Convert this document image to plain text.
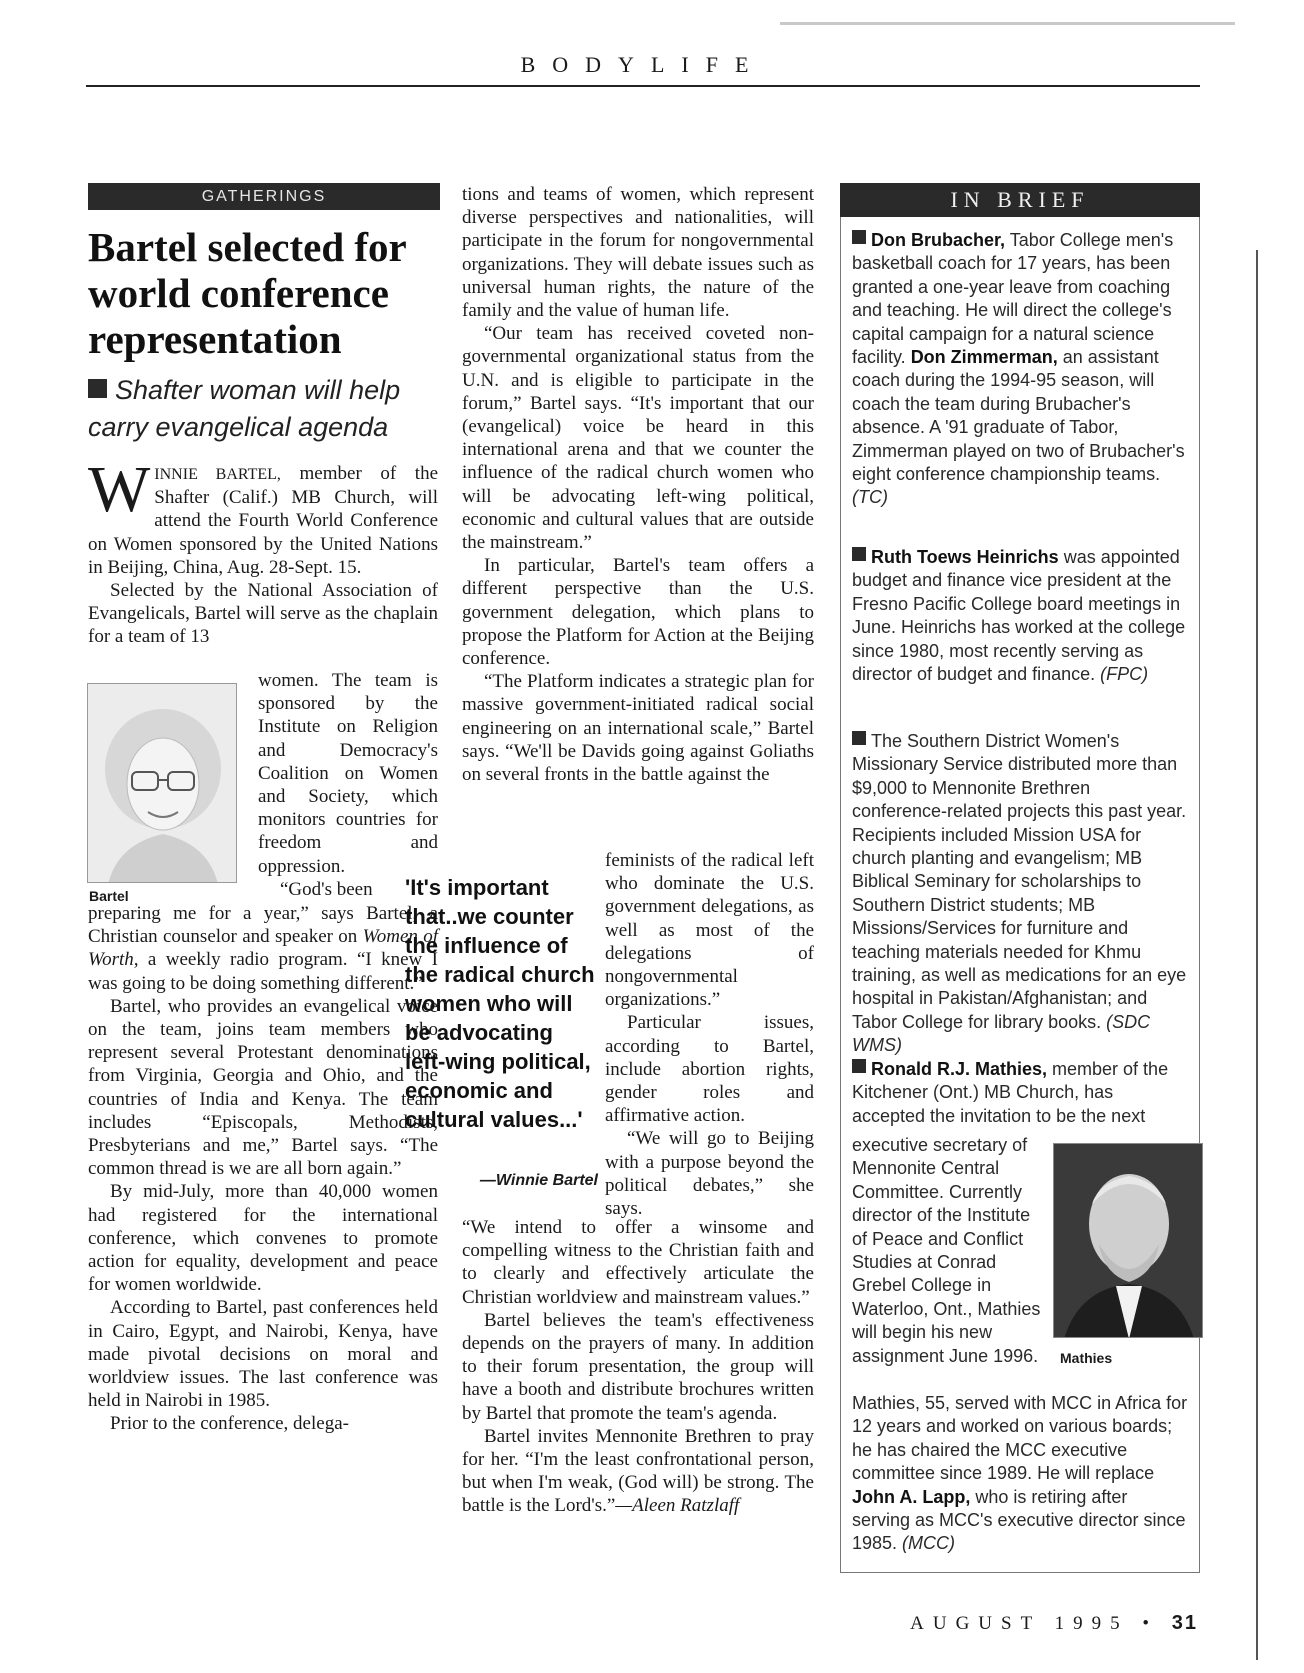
BODYLIFE
GATHERINGS
Bartel selected for world conference representation
Shafter woman will help carry evangelical agenda

WINNIE BARTEL, member of the Shafter (Calif.) MB Church, will attend the Fourth World Conference on Women sponsored by the United Nations in Beijing, China, Aug. 28-Sept. 15.

Selected by the National Association of Evangelicals, Bartel will serve as the chaplain for a team of 13

Bartel

women. The team is sponsored by the Institute on Religion and Democracy's Coalition on Women and Society, which monitors countries for freedom and oppression.

“God's been

preparing me for a year,” says Bartel, a Christian counselor and speaker on Women of Worth, a weekly radio program. “I knew I was going to be doing something different.”

Bartel, who provides an evangelical voice on the team, joins team members who represent several Protestant denominations from Virginia, Georgia and Ohio, and the countries of India and Kenya. The team includes “Episcopals, Methodists, Presbyterians and me,” Bartel says. “The common thread is we are all born again.”

By mid-July, more than 40,000 women had registered for the international conference, which convenes to promote action for equality, development and peace for women worldwide.

According to Bartel, past conferences held in Cairo, Egypt, and Nairobi, Kenya, have made pivotal decisions on moral and worldview issues. The last conference was held in Nairobi in 1985.

Prior to the conference, delega-

tions and teams of women, which represent diverse perspectives and nationalities, will participate in the forum for nongovernmental organizations. They will debate issues such as universal human rights, the nature of the family and the value of human life.

“Our team has received coveted non-governmental organizational status from the U.N. and is eligible to participate in the forum,” Bartel says. “It's important that our (evangelical) voice be heard in this international arena and that we counter the influence of the radical church women who will be advocating left-wing political, economic and cultural values that are outside the mainstream.”

In particular, Bartel's team offers a different perspective than the U.S. government delegation, which plans to propose the Platform for Action at the Beijing conference.

“The Platform indicates a strategic plan for massive government-initiated radical social engineering on an international scale,” Bartel says. “We'll be Davids going against Goliaths on several fronts in the battle against the

'It's important that..we counter the influence of the radical church women who will be advocating left-wing political, economic and cultural values...'
—Winnie Bartel

feminists of the radical left who dominate the U.S. government delegations, as well as most of the delegations of nongovernmental organizations.”

Particular issues, according to Bartel, include abortion rights, gender roles and affirmative action.

“We will go to Beijing with a purpose beyond the political debates,” she says.

“We intend to offer a winsome and compelling witness to the Christian faith and to clearly and effectively articulate the Christian worldview and mainstream values.”

Bartel believes the team's effectiveness depends on the prayers of many. In addition to their forum presentation, the group will have a booth and distribute brochures written by Bartel that promote the team's agenda.

Bartel invites Mennonite Brethren to pray for her. “I'm the least confrontational person, but when I'm weak, (God will) be strong. The battle is the Lord's.”—Aleen Ratzlaff

IN BRIEF
Don Brubacher, Tabor College men's basketball coach for 17 years, has been granted a one-year leave from coaching and teaching. He will direct the college's capital campaign for a natural science facility. Don Zimmerman, an assistant coach during the 1994-95 season, will coach the team during Brubacher's absence. A '91 graduate of Tabor, Zimmerman played on two of Brubacher's eight conference championship teams. (TC)
Ruth Toews Heinrichs was appointed budget and finance vice president at the Fresno Pacific College board meetings in June. Heinrichs has worked at the college since 1980, most recently serving as director of budget and finance. (FPC)
The Southern District Women's Missionary Service distributed more than $9,000 to Mennonite Brethren conference-related projects this past year. Recipients included Mission USA for church planting and evangelism; MB Biblical Seminary for scholarships to Southern District students; MB Missions/Services for furniture and teaching materials needed for Khmu training, as well as medications for an eye hospital in Pakistan/Afghanistan; and Tabor College for library books. (SDC WMS)
Ronald R.J. Mathies, member of the Kitchener (Ont.) MB Church, has accepted the invitation to be the next
executive secretary of Mennonite Central Committee. Currently director of the Institute of Peace and Conflict Studies at Conrad Grebel College in Waterloo, Ont., Mathies will begin his new assignment June 1996.	Mathies
Mathies, 55, served with MCC in Africa for 12 years and worked on various boards; he has chaired the MCC executive committee since 1989. He will replace John A. Lapp, who is retiring after serving as MCC's executive director since 1985. (MCC)
AUGUST 1995 • 31
